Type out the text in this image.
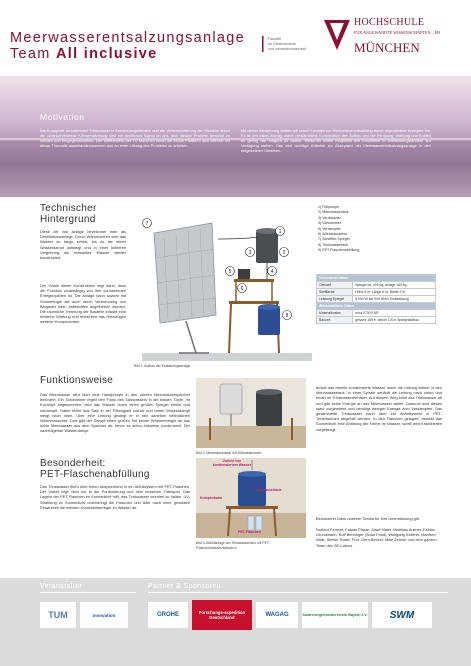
Meerwasserentsalzungsanlage
Team All inclusive
Fakultät
für Elektrotechnik
und Informationstechnik
HOCHSCHULE
FÜR ANGEWANDTE WISSENSCHAFTEN – FH
MÜNCHEN
Motivation
Die Knappheit an sauberem Trinkwasser in Entwicklungsländern und die Verschlechterung der Situation durch die voranschreitende Klimaerwärmung sind ein deutliches Signal an uns, sich diesem Problem bewusst zu werden und entgegenzuwirken. Der Wettbewerb der TU München bietet die ideale Plattform sich intensiv mit dieser Thematik auseinanderzusetzen und an einer Lösung des Problems zu arbeiten.
Mit dieser Bewerbung stellen wir unser Konzept zur Meerwasserentsalzung durch regenerative Energien vor. Es ist uns dabei wichtig, durch verständliche Konstruktion den Aufbau und die Fertigung, Wartung und Kosten so gering wie möglich zu halten. Weiterhin sollen möglichst alle Einzelteile in Entwicklungsländern zur Verfügung stehen. Das sind wichtige Kriterien zur Akzeptanz der Meerwasserentsalzungsanlage in den eingesetzten Gebieten.
Technischer
Hintergrund
Diese Art von Anlage bezeichnet man als Destillationsanlage. Durch Wärmezufuhr wird das Wasser so lange erhitzt, bis es als reiner Wasserdampf aufsteigt und in einer kühleren Umgebung als entsalztes Wasser wieder kondensiert.
Der Vorteil dieser Konstruktion liegt darin, dass die Funktion unabhängig von den vorhandenen Energiequellen ist. Die Anlage kann sowohl mit Solarenergie als auch durch Verbrennung von Biogasen oder -kraftstoffen angetrieben werden. Die räumliche Trennung der Bauteile erlaubt eine einfache Wartung und erleichtert das Hinzufügen weiterer Komponenten.
1
2
3
4
5
6
7
8
Bild 1: Aufbau der Entsalzungsanlage
1) Füllpumpe
2) Meerwassertank
3) Verdampfer
4) Schwimmer
5) Verdampfer
6) Wärmetauscher
7) Scheffler-Spiegel
8) Trinkwassertank
9) PET-Flaschenabfüllung
Technische Daten	
Gewicht	Spiegel ca. 400 kg, Anlage 160 kg
Stellfläche	Höhe 5 m, Länge 6 m, Breite 2 m
Leistung Spiegel	5.000 W bei 900 W/m² Einstrahlung
Wirtschaftliche Daten	
Materialkosten	rund 3700 EUR
Bauzeit	gesamt 155 h, davon 120 h Spiegelaufbau
Funktionsweise
Das Meerwasser wird über eine Handpumpe in den oberen Meerwasserspeicher befördert. Ein Schwimmer regelt den Fluss des Salzwassers in die beiden Töpfe. Im Kochtopf angekommen, wird das Wasser durch einen großen Spiegel erhitzt und verdampft. Dabei bleibt das Salz in der Flüssigkeit zurück und reiner Wasserdampf steigt nach oben. Über eine Leitung gelangt er in den daneben befindlichen Wärmetauscher. Dort gibt der Dampf einen großen Teil seiner Wärmeenergie an das kühle Meerwasser aus dem Speicher ab, bevor es schon teilweise kondensiert. Der nachfolgende Wasserdampf
Bild 2: Meerwassertank mit Wärmetauscher
drückt das bereits kondensierte Wasser durch die Leitung wieder in den Mehrwassertank. In einer Spirale verläuft die Leitung nach unten und endet im Trinkwasserbehälter. Auf diesem Weg kühlt das Trinkwasser ab und gibt seine Energie an das Meerwasser weiter. Dadurch wird dieses stark vorgewärmt und benötigt weniger Energie zum Verdampfen. Das gesammelte Trinkwasser kann über ein Abfüllsystem in PET-Trinkflaschen abgefüllt werden. In den Flaschen gelagert, bewirkt das Sonnenlicht eine Abtötung der Keime im Wasser, somit wird Krankheiten vorgebeugt.
Besonderheit:
PET-Flaschenabfüllung
Das Trinkwasser fließt über einen Abspeerhahn in ein Abfüllsystem mit PET-Flaschen. Der Vorteil liegt nicht nur in der Portionierung und dem besseren Transport. Das Lagern der PET-Flaschen im Sonnenlicht hilft, das Trinkwasser keimfrei zu halten. UV-Strahlung im Sonnenlicht durchdringt die Flaschen und tötet nach einer gewissen Einwirkzeit die meisten Krankheitserreger im Wasser ab.
Zufuhr von kondensiertem Wasser
Trinkwassertank
Kniepenhahn
PET-Flaschen
Bild 3: Abfüllanlage am Trinkwassertank mit PET-
Flaschen/wasser/Wasser/n
Besonderer Dank unseren Teams für Ihre Unterstützung gilt:
Norbert Ferscht, Fabian Plaste, Josef Maier, Matthias Ankner, Fabian Grundmann, Rolf Behringer (Solar Food), Wolfgang Kellerer, Manfred Walz, Stefan Thaler, Prof. Gerd Becker, Mike Zehner und dem ganzen Team des SE-Labors
Veranstalter	Partner & Sponsoren
TUM	innovation	GROHE	Forschungs-expedition Deutschland	WAGAG	Solarenergiefoerderverein Bayern e.V.	SWM
